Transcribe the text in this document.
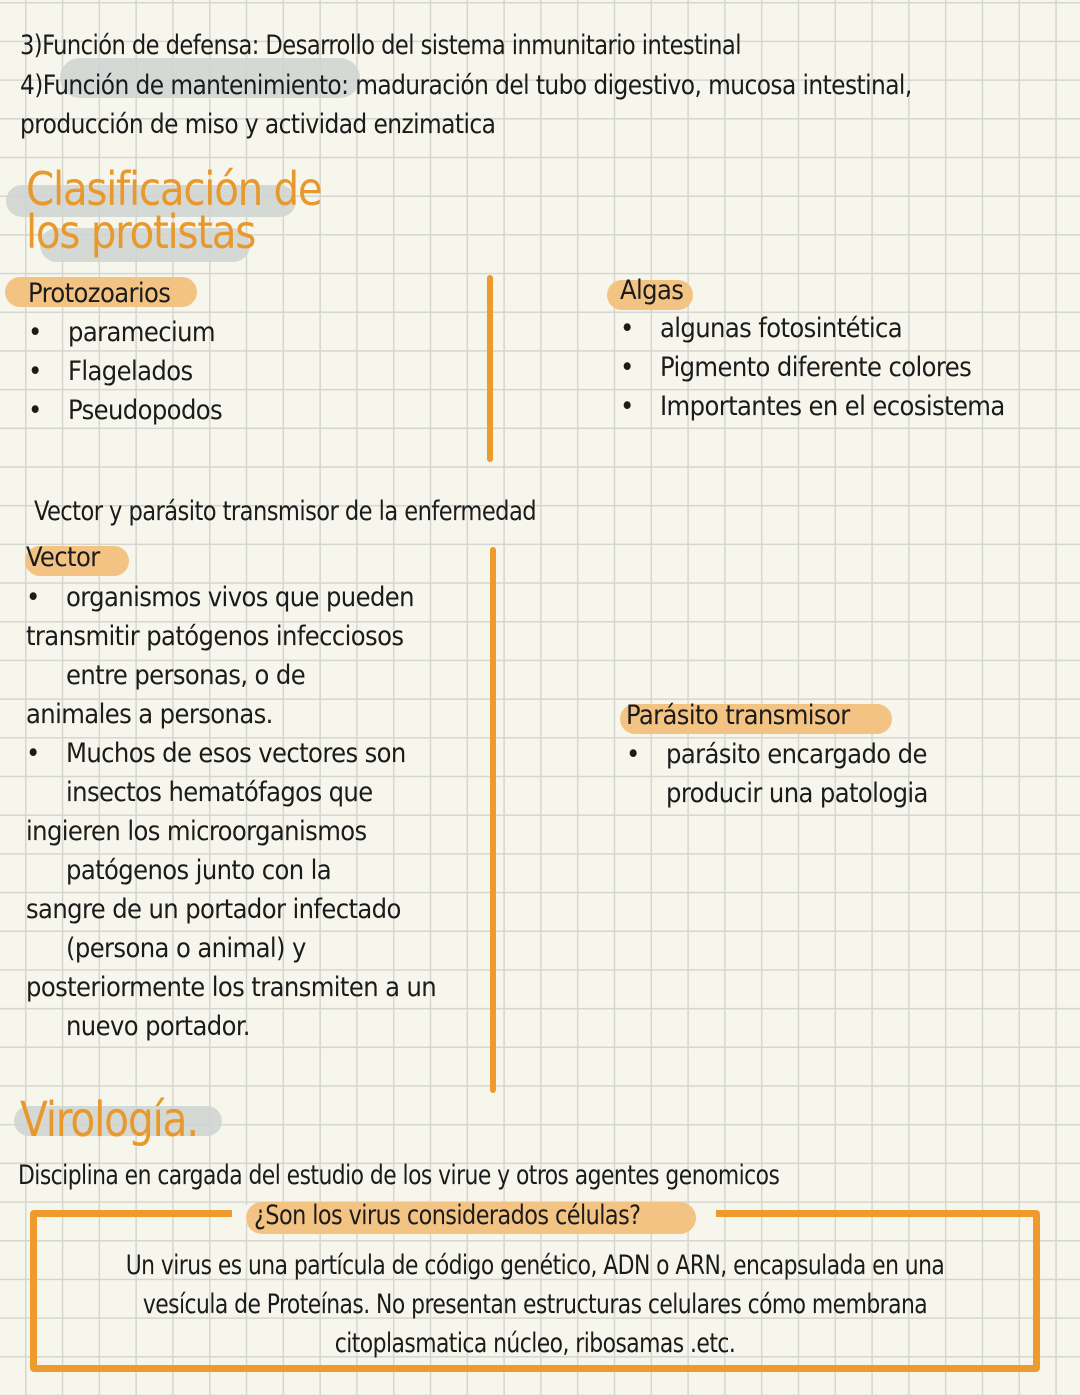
3)Función de defensa: Desarrollo del sistema inmunitario intestinal
4)Función de mantenimiento: maduración del tubo digestivo, mucosa intestinal,
producción de miso y actividad enzimatica
Clasificación de
los protistas
Protozoarios
• paramecium
• Flagelados
• Pseudopodos
Algas
• algunas fotosintética
• Pigmento diferente colores
• Importantes en el ecosistema
Vector y parásito transmisor de la enfermedad
Vector
• organismos vivos que pueden
transmitir patógenos infecciosos
entre personas, o de
animales a personas.
• Muchos de esos vectores son
insectos hematófagos que
ingieren los microorganismos
patógenos junto con la
sangre de un portador infectado
(persona o animal) y
posteriormente los transmiten a un
nuevo portador.
Parásito transmisor
• parásito encargado de
producir una patologia
Virología.
Disciplina en cargada del estudio de los virue y otros agentes genomicos
¿Son los virus considerados células?
Un virus es una partícula de código genético, ADN o ARN, encapsulada en una
vesícula de Proteínas. No presentan estructuras celulares cómo membrana
citoplasmatica núcleo, ribosamas .etc.
